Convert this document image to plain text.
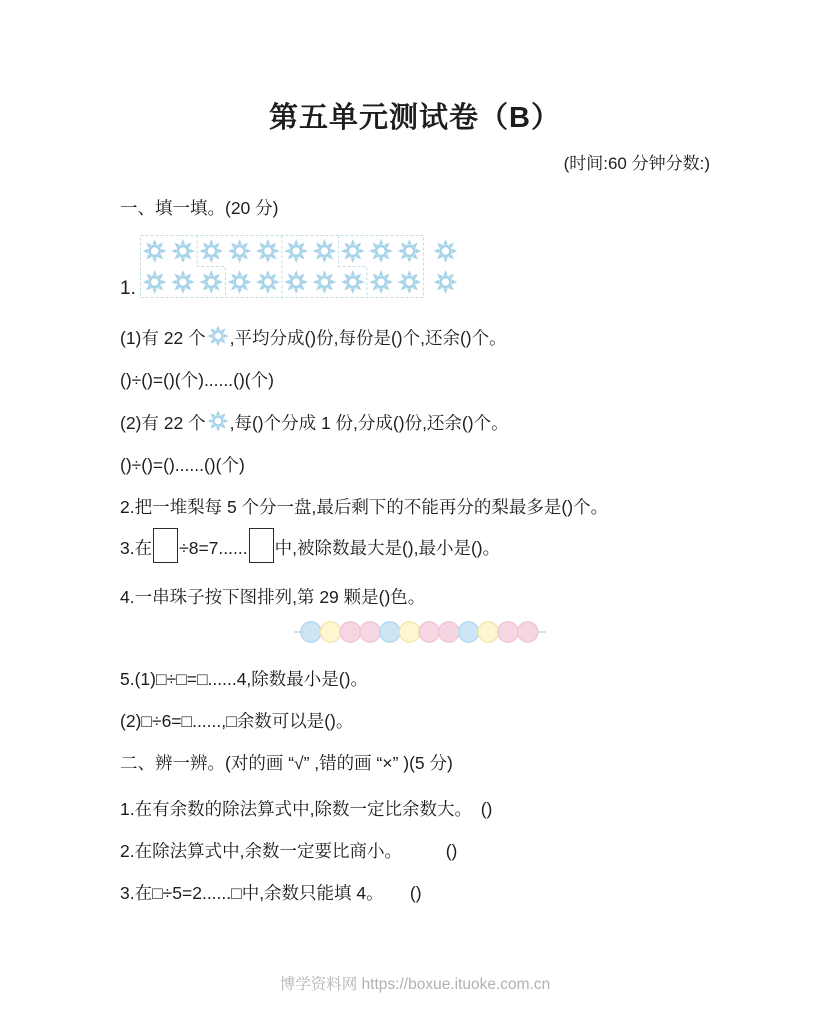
第五单元测试卷（B）
(时间:60 分钟分数:)
一、填一填。(20 分)
1.

(1)有 22 个 ,平均分成()份,每份是()个,还余()个。

()÷()=()(个)......()(个)

(2)有 22 个 ,每()个分成 1 份,分成()份,还余()个。

()÷()=()......()(个)

2.把一堆梨每 5 个分一盘,最后剩下的不能再分的梨最多是()个。

3.在 ÷8=7...... 中,被除数最大是(),最小是()。

4.一串珠子按下图排列,第 29 颗是()色。

5.(1)□÷□=□......4,除数最小是()。

(2)□÷6=□......,□余数可以是()。

二、辨一辨。(对的画 “√” ,错的画 “×” )(5 分)

1.在有余数的除法算式中,除数一定比余数大。　()

2.在除法算式中,余数一定要比商小。　　　()

3.在□÷5=2......□中,余数只能填 4。　　()

博学资料网 https://boxue.ituoke.com.cn
